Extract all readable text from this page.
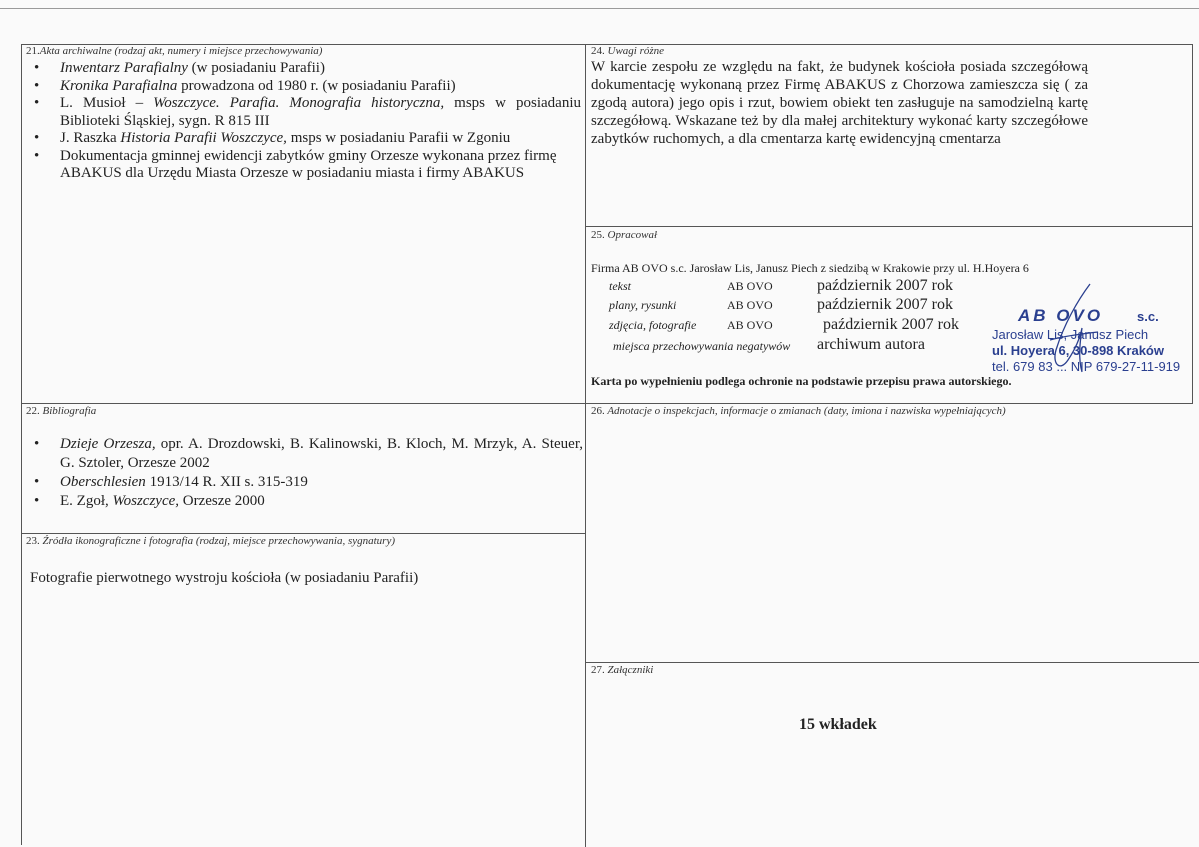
21.Akta archiwalne (rodzaj akt, numery i miejsce przechowywania)
• Inwentarz Parafialny (w posiadaniu Parafii)
• Kronika Parafialna prowadzona od 1980 r. (w posiadaniu Parafii)
• L. Musioł – Woszczyce. Parafia. Monografia historyczna, msps w posiadaniu Biblioteki Śląskiej, sygn. R 815 III
• J. Raszka Historia Parafii Woszczyce, msps w posiadaniu Parafii w Zgoniu
• Dokumentacja gminnej ewidencji zabytków gminy Orzesze wykonana przez firmę ABAKUS dla Urzędu Miasta Orzesze w posiadaniu miasta i firmy ABAKUS
22. Bibliografia
• Dzieje Orzesza, opr. A. Drozdowski, B. Kalinowski, B. Kloch, M. Mrzyk, A. Steuer, G. Sztoler, Orzesze 2002
• Oberschlesien 1913/14 R. XII s. 315-319
• E. Zgoł, Woszczyce, Orzesze 2000
23. Źródła ikonograficzne i fotografia (rodzaj, miejsce przechowywania, sygnatury)
Fotografie pierwotnego wystroju kościoła (w posiadaniu Parafii)
24. Uwagi różne
W karcie zespołu ze względu na fakt, że budynek kościoła posiada szczegółową dokumentację wykonaną przez Firmę ABAKUS z Chorzowa zamieszcza się ( za zgodą autora) jego opis i rzut, bowiem obiekt ten zasługuje na samodzielną kartę szczegółową. Wskazane też by dla małej architektury wykonać karty szczegółowe zabytków ruchomych, a dla cmentarza kartę ewidencyjną cmentarza
25. Opracował
Firma AB OVO s.c. Jarosław Lis, Janusz Piech z siedzibą w Krakowie przy ul. H.Hoyera 6
tekst	AB OVO	październik 2007 rok
plany, rysunki	AB OVO	październik 2007 rok
zdjęcia, fotografie	AB OVO	październik 2007 rok
miejsca przechowywania negatywów archiwum autora
Karta po wypełnieniu podlega ochronie na podstawie przepisu prawa autorskiego.
AB OVO	s.c.
Jarosław Lis, Janusz Piech
ul. Hoyera 6, 30-898 Kraków
tel. 679 83 ... NIP 679-27-11-919
26. Adnotacje o inspekcjach, informacje o zmianach (daty, imiona i nazwiska wypełniających)
27. Załączniki
15 wkładek
